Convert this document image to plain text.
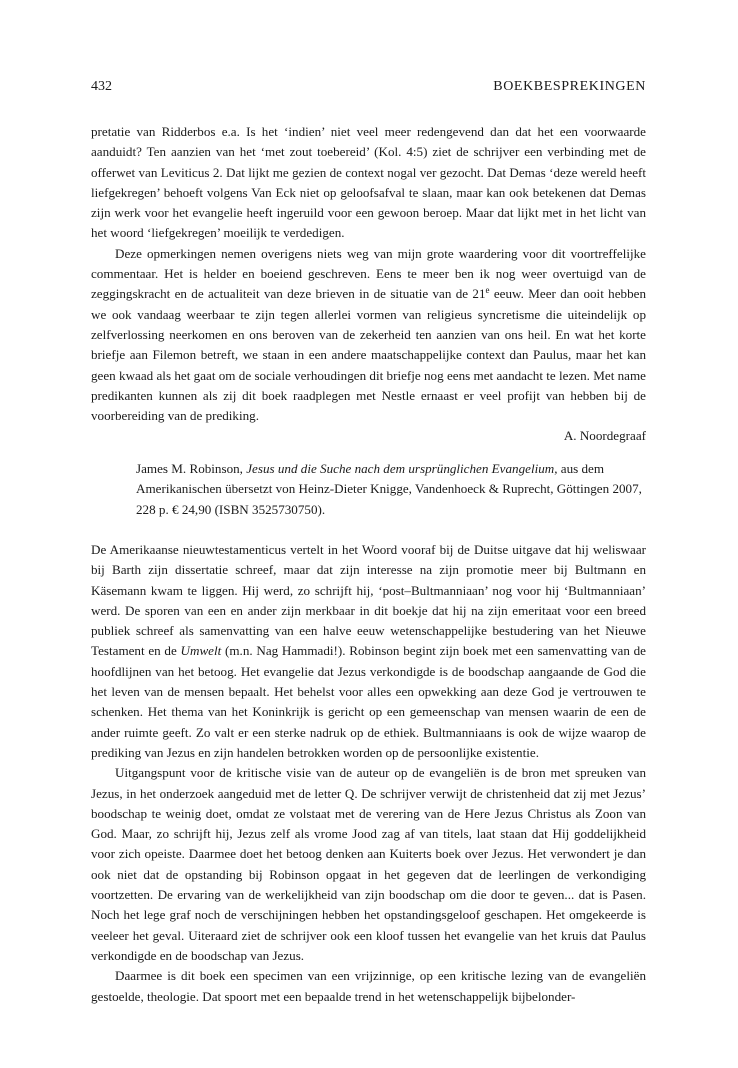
432	BOEKBESPREKINGEN

pretatie van Ridderbos e.a. Is het ‘indien’ niet veel meer redengevend dan dat het een voorwaarde aanduidt? Ten aanzien van het ‘met zout toebereid’ (Kol. 4:5) ziet de schrijver een verbinding met de offerwet van Leviticus 2. Dat lijkt me gezien de context nogal ver gezocht. Dat Demas ‘deze wereld heeft liefgekregen’ behoeft volgens Van Eck niet op geloofsafval te slaan, maar kan ook betekenen dat Demas zijn werk voor het evangelie heeft ingeruild voor een gewoon beroep. Maar dat lijkt met in het licht van het woord ‘liefgekregen’ moeilijk te verdedigen.

Deze opmerkingen nemen overigens niets weg van mijn grote waardering voor dit voortreffelijke commentaar. Het is helder en boeiend geschreven. Eens te meer ben ik nog weer overtuigd van de zeggingskracht en de actualiteit van deze brieven in de situatie van de 21e eeuw. Meer dan ooit hebben we ook vandaag weerbaar te zijn tegen allerlei vormen van religieus syncretisme die uiteindelijk op zelfverlossing neerkomen en ons beroven van de zekerheid ten aanzien van ons heil. En wat het korte briefje aan Filemon betreft, we staan in een andere maatschappelijke context dan Paulus, maar het kan geen kwaad als het gaat om de sociale verhoudingen dit briefje nog eens met aandacht te lezen. Met name predikanten kunnen als zij dit boek raadplegen met Nestle ernaast er veel profijt van hebben bij de voorbereiding van de prediking.

A. Noordegraaf

James M. Robinson, Jesus und die Suche nach dem ursprünglichen Evangelium, aus dem Amerikanischen übersetzt von Heinz-Dieter Knigge, Vandenhoeck & Ruprecht, Göttingen 2007, 228 p. € 24,90 (ISBN 3525730750).

De Amerikaanse nieuwtestamenticus vertelt in het Woord vooraf bij de Duitse uitgave dat hij weliswaar bij Barth zijn dissertatie schreef, maar dat zijn interesse na zijn promotie meer bij Bultmann en Käsemann kwam te liggen. Hij werd, zo schrijft hij, ‘post–Bultmanniaan’ nog voor hij ‘Bultmanniaan’ werd. De sporen van een en ander zijn merkbaar in dit boekje dat hij na zijn emeritaat voor een breed publiek schreef als samenvatting van een halve eeuw wetenschappelijke bestudering van het Nieuwe Testament en de Umwelt (m.n. Nag Hammadi!). Robinson begint zijn boek met een samenvatting van de hoofdlijnen van het betoog. Het evangelie dat Jezus verkondigde is de boodschap aangaande de God die het leven van de mensen bepaalt. Het behelst voor alles een opwekking aan deze God je vertrouwen te schenken. Het thema van het Koninkrijk is gericht op een gemeenschap van mensen waarin de een de ander ruimte geeft. Zo valt er een sterke nadruk op de ethiek. Bultmanniaans is ook de wijze waarop de prediking van Jezus en zijn handelen betrokken worden op de persoonlijke existentie.

Uitgangspunt voor de kritische visie van de auteur op de evangeliën is de bron met spreuken van Jezus, in het onderzoek aangeduid met de letter Q. De schrijver verwijt de christenheid dat zij met Jezus’ boodschap te weinig doet, omdat ze volstaat met de verering van de Here Jezus Christus als Zoon van God. Maar, zo schrijft hij, Jezus zelf als vrome Jood zag af van titels, laat staan dat Hij goddelijkheid voor zich opeiste. Daarmee doet het betoog denken aan Kuiterts boek over Jezus. Het verwondert je dan ook niet dat de opstanding bij Robinson opgaat in het gegeven dat de leerlingen de verkondiging voortzetten. De ervaring van de werkelijkheid van zijn boodschap om die door te geven... dat is Pasen. Noch het lege graf noch de verschijningen hebben het opstandingsgeloof geschapen. Het omgekeerde is veeleer het geval. Uiteraard ziet de schrijver ook een kloof tussen het evangelie van het kruis dat Paulus verkondigde en de boodschap van Jezus.

Daarmee is dit boek een specimen van een vrijzinnige, op een kritische lezing van de evangeliën gestoelde, theologie. Dat spoort met een bepaalde trend in het wetenschappelijk bijbelonder-
